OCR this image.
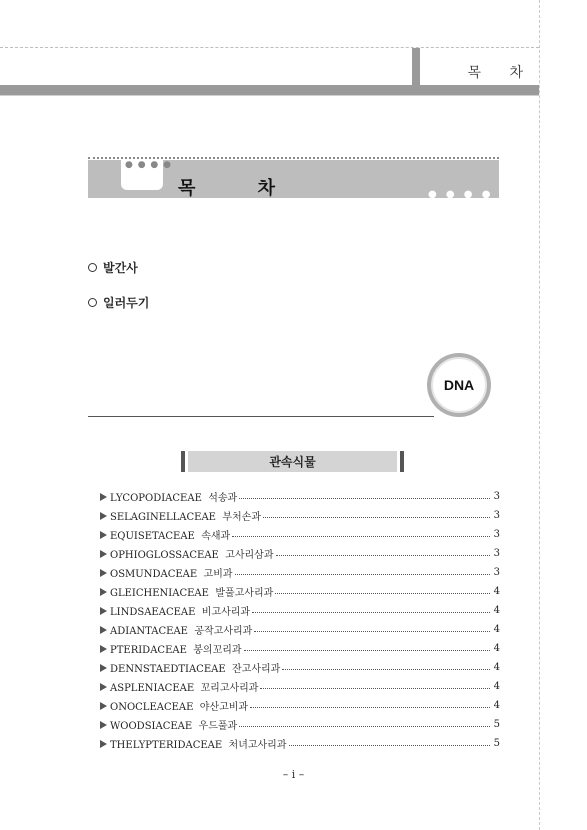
목 차
● ● ● ●
● ● ● ● ●
목 차
발간사
일러두기
DNA
관속식물
LYCOPODIACEAE 석송과	3
SELAGINELLACEAE 부처손과	3
EQUISETACEAE 속새과	3
OPHIOGLOSSACEAE 고사리삼과	3
OSMUNDACEAE 고비과	3
GLEICHENIACEAE 발풀고사리과	4
LINDSAEACEAE 비고사리과	4
ADIANTACEAE 공작고사리과	4
PTERIDACEAE 봉의꼬리과	4
DENNSTAEDTIACEAE 잔고사리과	4
ASPLENIACEAE 꼬리고사리과	4
ONOCLEACEAE 야산고비과	4
WOODSIACEAE 우드풀과	5
THELYPTERIDACEAE 처녀고사리과	5
– i –
